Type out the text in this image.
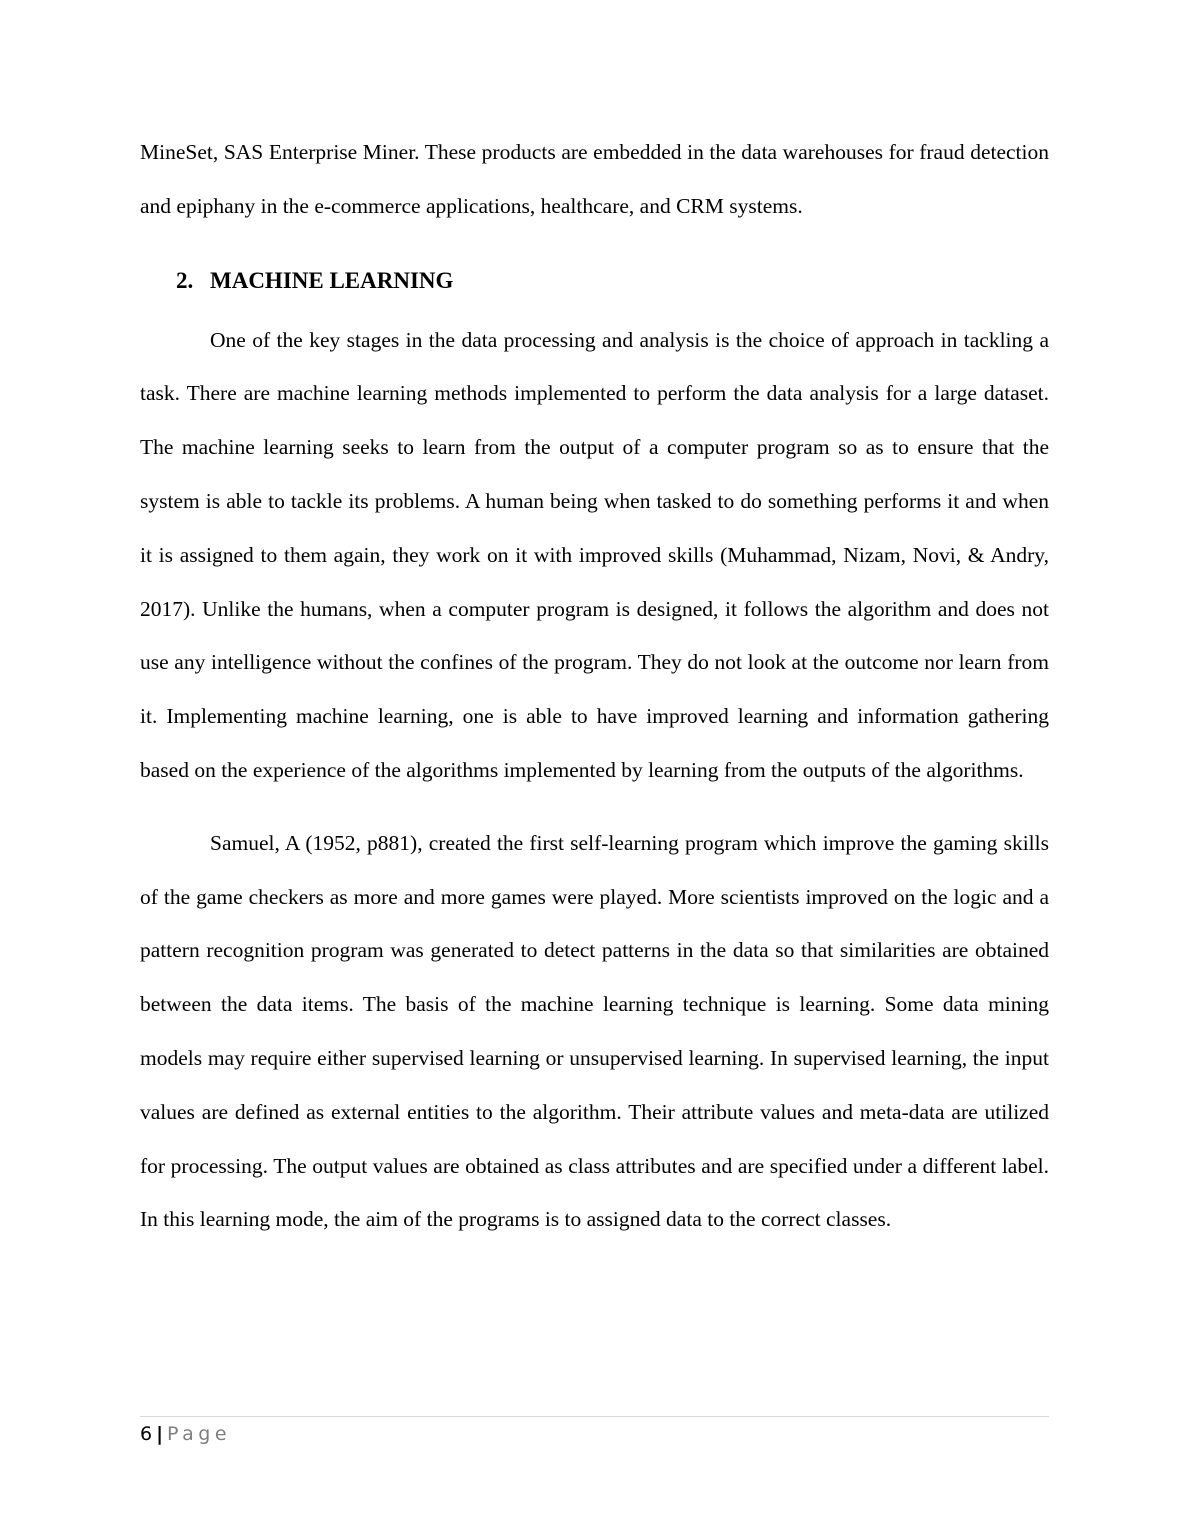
MineSet, SAS Enterprise Miner. These products are embedded in the data warehouses for fraud detection and epiphany in the e-commerce applications, healthcare, and CRM systems.

2. MACHINE LEARNING

One of the key stages in the data processing and analysis is the choice of approach in tackling a task. There are machine learning methods implemented to perform the data analysis for a large dataset. The machine learning seeks to learn from the output of a computer program so as to ensure that the system is able to tackle its problems. A human being when tasked to do something performs it and when it is assigned to them again, they work on it with improved skills (Muhammad, Nizam, Novi, & Andry, 2017). Unlike the humans, when a computer program is designed, it follows the algorithm and does not use any intelligence without the confines of the program. They do not look at the outcome nor learn from it. Implementing machine learning, one is able to have improved learning and information gathering based on the experience of the algorithms implemented by learning from the outputs of the algorithms.

Samuel, A (1952, p881), created the first self-learning program which improve the gaming skills of the game checkers as more and more games were played. More scientists improved on the logic and a pattern recognition program was generated to detect patterns in the data so that similarities are obtained between the data items. The basis of the machine learning technique is learning. Some data mining models may require either supervised learning or unsupervised learning. In supervised learning, the input values are defined as external entities to the algorithm. Their attribute values and meta-data are utilized for processing. The output values are obtained as class attributes and are specified under a different label. In this learning mode, the aim of the programs is to assigned data to the correct classes.

6 | Page
